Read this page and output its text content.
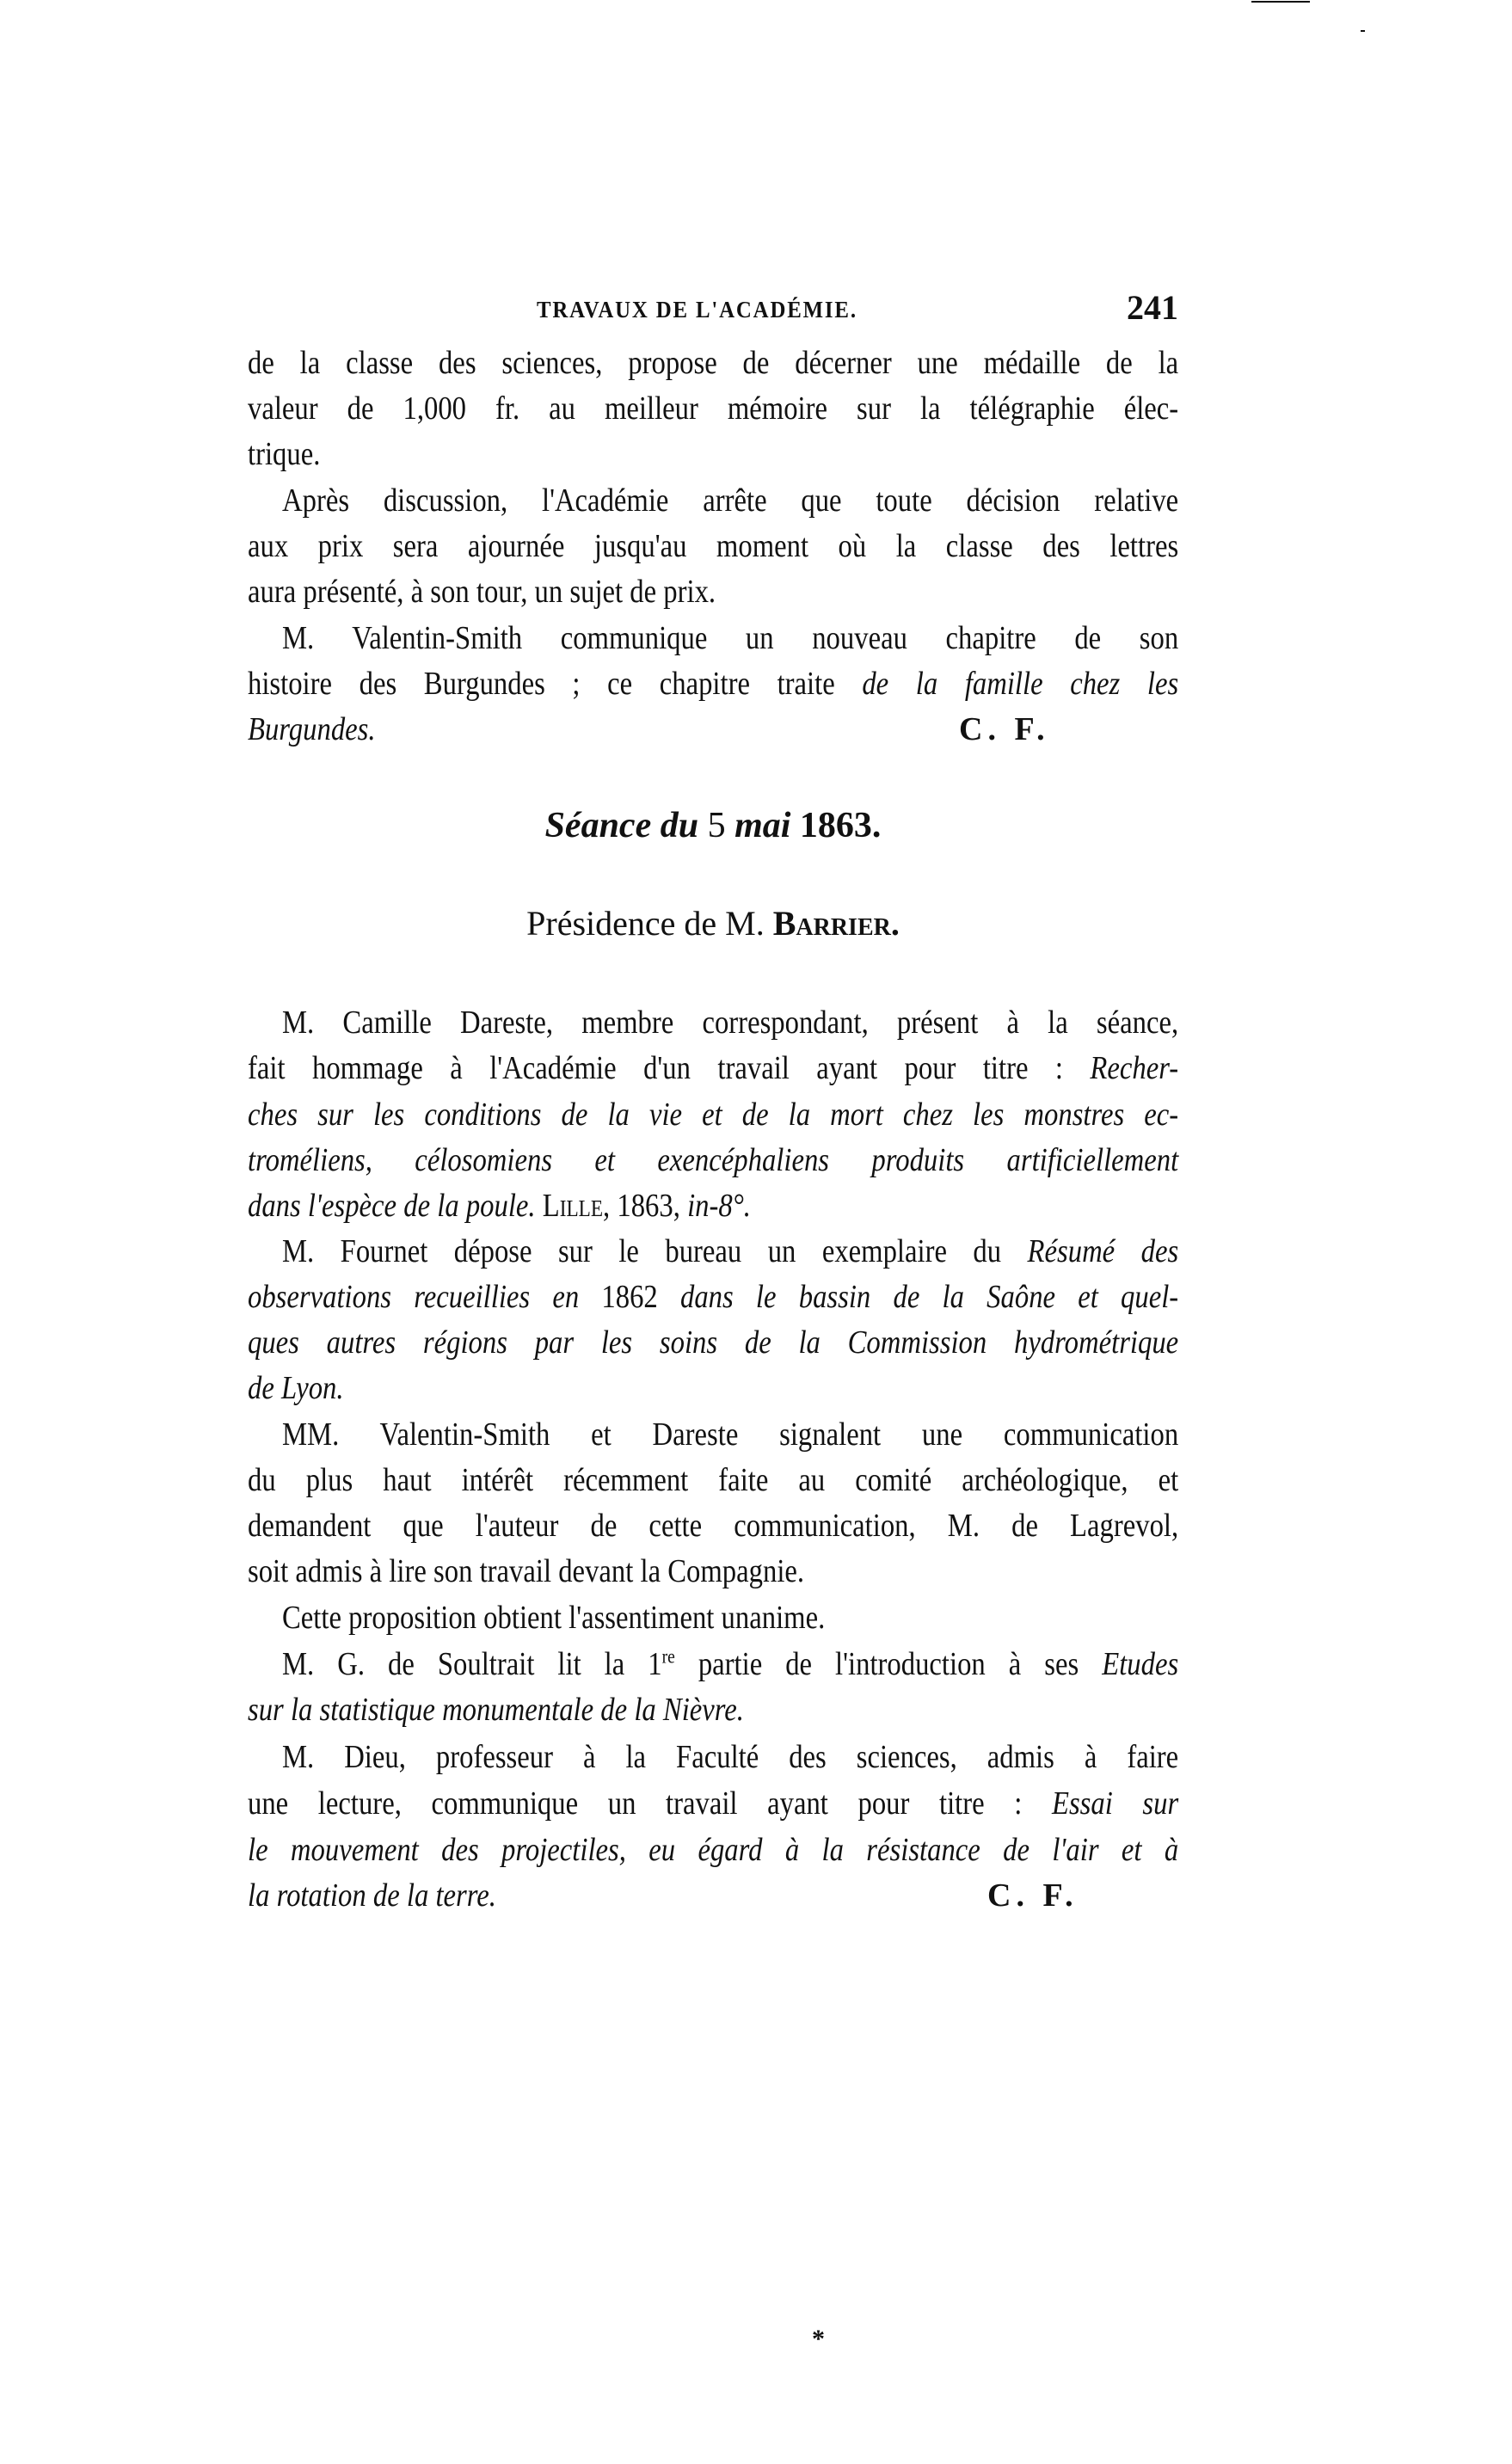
TRAVAUX DE L'ACADÉMIE.	241
de la classe des sciences, propose de décerner une médaille de la
valeur de 1,000 fr. au meilleur mémoire sur la télégraphie élec-
trique.
Après discussion, l'Académie arrête que toute décision relative
aux prix sera ajournée jusqu'au moment où la classe des lettres
aura présenté, à son tour, un sujet de prix.
M. Valentin-Smith communique un nouveau chapitre de son
histoire des Burgundes ; ce chapitre traite de la famille chez les
Burgundes.	C. F.
Séance du 5 mai 1863.
Présidence de M. Barrier.
M. Camille Dareste, membre correspondant, présent à la séance,
fait hommage à l'Académie d'un travail ayant pour titre : Recher-
ches sur les conditions de la vie et de la mort chez les monstres ec-
troméliens, célosomiens et exencéphaliens produits artificiellement
dans l'espèce de la poule. Lille, 1863, in-8°.
M. Fournet dépose sur le bureau un exemplaire du Résumé des
observations recueillies en 1862 dans le bassin de la Saône et quel-
ques autres régions par les soins de la Commission hydrométrique
de Lyon.
MM. Valentin-Smith et Dareste signalent une communication
du plus haut intérêt récemment faite au comité archéologique, et
demandent que l'auteur de cette communication, M. de Lagrevol,
soit admis à lire son travail devant la Compagnie.
Cette proposition obtient l'assentiment unanime.
M. G. de Soultrait lit la 1re partie de l'introduction à ses Etudes
sur la statistique monumentale de la Nièvre.
M. Dieu, professeur à la Faculté des sciences, admis à faire
une lecture, communique un travail ayant pour titre : Essai sur
le mouvement des projectiles, eu égard à la résistance de l'air et à
la rotation de la terre.	C. F.
*
